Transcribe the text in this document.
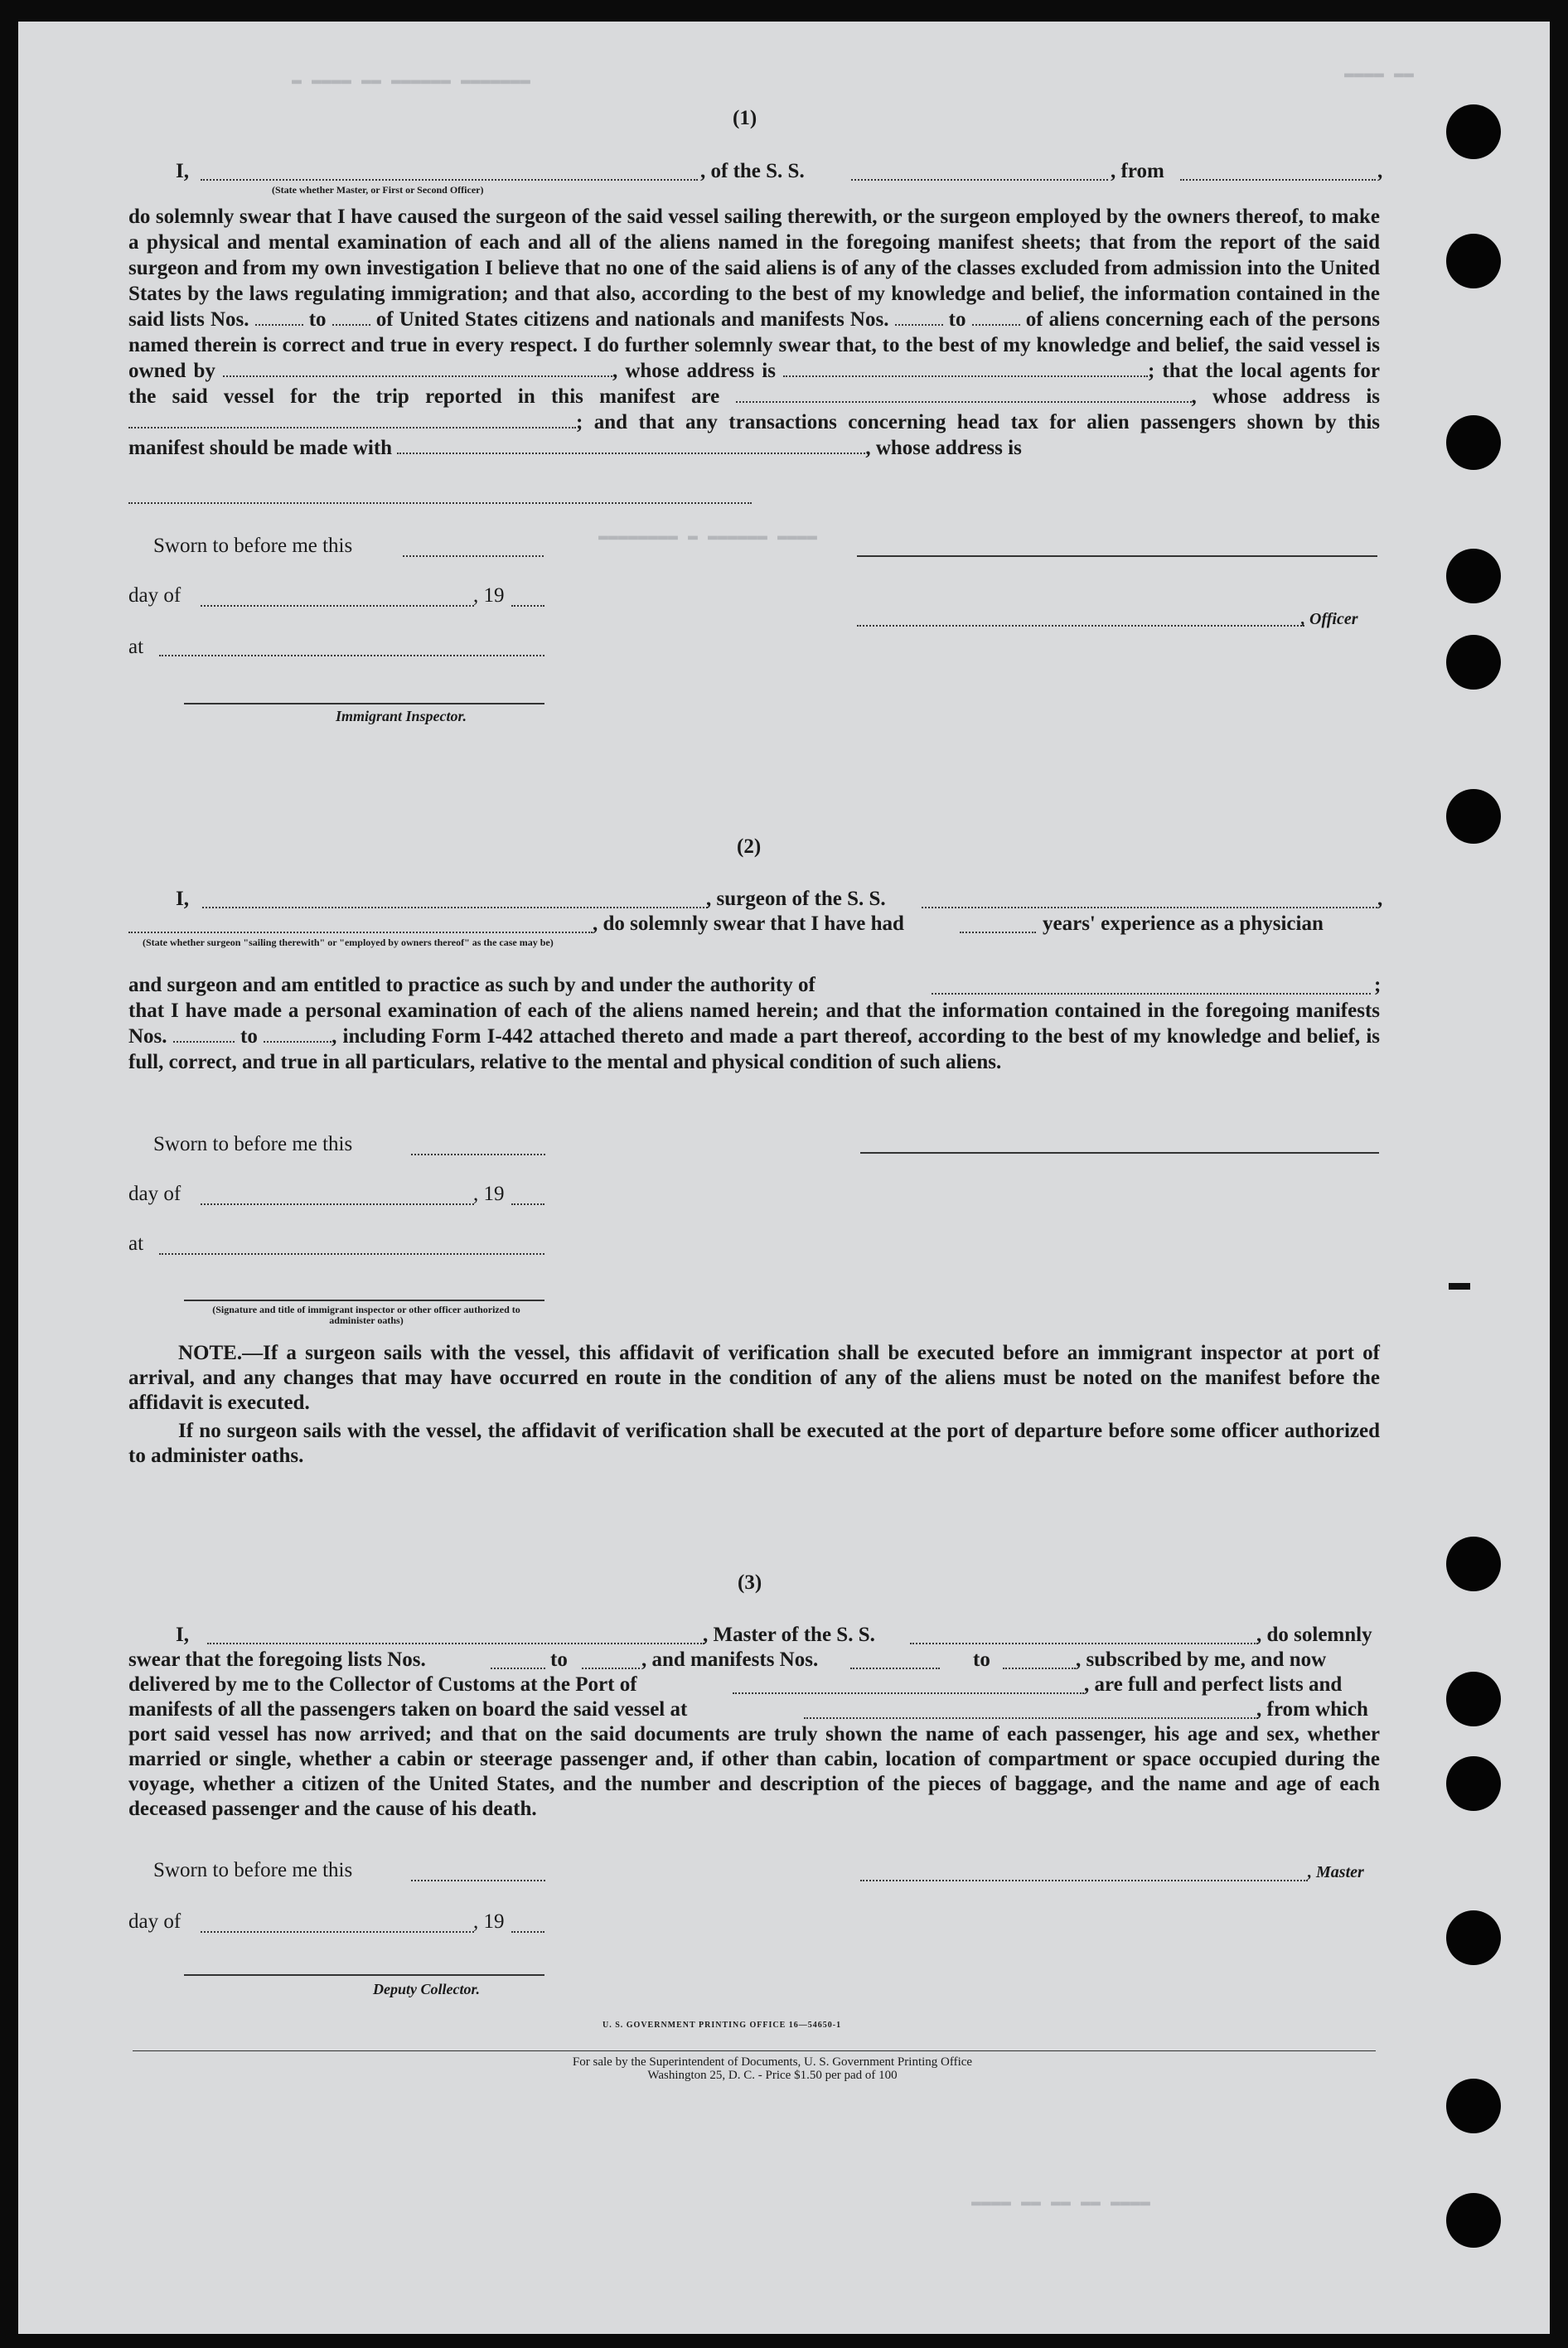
▬ ▬▬▬▬ ▬▬ ▬▬▬▬▬▬ ▬▬▬▬▬▬▬	▬▬▬▬ ▬▬
▬▬▬▬▬▬▬▬ ▬ ▬▬▬▬▬▬ ▬▬▬▬
▬▬▬▬ ▬▬ ▬▬ ▬▬ ▬▬▬▬
(1)
I,	, of the S. S.	, from	,
(State whether Master, or First or Second Officer)
do solemnly swear that I have caused the surgeon of the said vessel sailing therewith, or the surgeon employed by the owners thereof, to make a physical and mental examination of each and all of the aliens named in the foregoing manifest sheets; that from the report of the said surgeon and from my own investigation I believe that no one of the said aliens is of any of the classes excluded from admission into the United States by the laws regulating immigration; and that also, according to the best of my knowledge and belief, the information contained in the said lists Nos.	to of United States citizens and nationals and manifests Nos.	to	of aliens concerning each of the persons named therein is correct and true in every respect. I do further solemnly swear that, to the best of my knowledge and belief, the said vessel is owned by	, whose address is	; that the local agents for the said vessel for the trip reported in this manifest are	, whose address is ; and that any transactions concerning head tax for alien passengers shown by this manifest should be made with	, whose address is
Sworn to before me this
day of	, 19
, Officer
at
Immigrant Inspector.
(2)
I,	, surgeon of the S. S.	,
, do solemnly swear that I have had	years' experience as a physician
(State whether surgeon "sailing therewith" or "employed by owners thereof" as the case may be)
and surgeon and am entitled to practice as such by and under the authority of	;
that I have made a personal examination of each of the aliens named herein; and that the information contained in the foregoing manifests Nos.	to	, including Form I-442 attached thereto and made a part thereof, according to the best of my knowledge and belief, is full, correct, and true in all particulars, relative to the mental and physical condition of such aliens.
Sworn to before me this
day of	, 19
at
(Signature and title of immigrant inspector or other officer authorized to administer oaths)
NOTE.—If a surgeon sails with the vessel, this affidavit of verification shall be executed before an immigrant inspector at port of arrival, and any changes that may have occurred en route in the condition of any of the aliens must be noted on the manifest before the affidavit is executed.
If no surgeon sails with the vessel, the affidavit of verification shall be executed at the port of departure before some officer authorized to administer oaths.
(3)
I,	, Master of the S. S.	, do solemnly
swear that the foregoing lists Nos.	to	, and manifests Nos.	to	, subscribed by me, and now
delivered by me to the Collector of Customs at the Port of	, are full and perfect lists and
manifests of all the passengers taken on board the said vessel at	, from which
port said vessel has now arrived; and that on the said documents are truly shown the name of each passenger, his age and sex, whether married or single, whether a cabin or steerage passenger and, if other than cabin, location of compartment or space occupied during the voyage, whether a citizen of the United States, and the number and description of the pieces of baggage, and the name and age of each deceased passenger and the cause of his death.
Sworn to before me this	, Master
day of	, 19
Deputy Collector.
U. S. GOVERNMENT PRINTING OFFICE 16—54650-1
For sale by the Superintendent of Documents, U. S. Government Printing Office
Washington 25, D. C. - Price $1.50 per pad of 100
